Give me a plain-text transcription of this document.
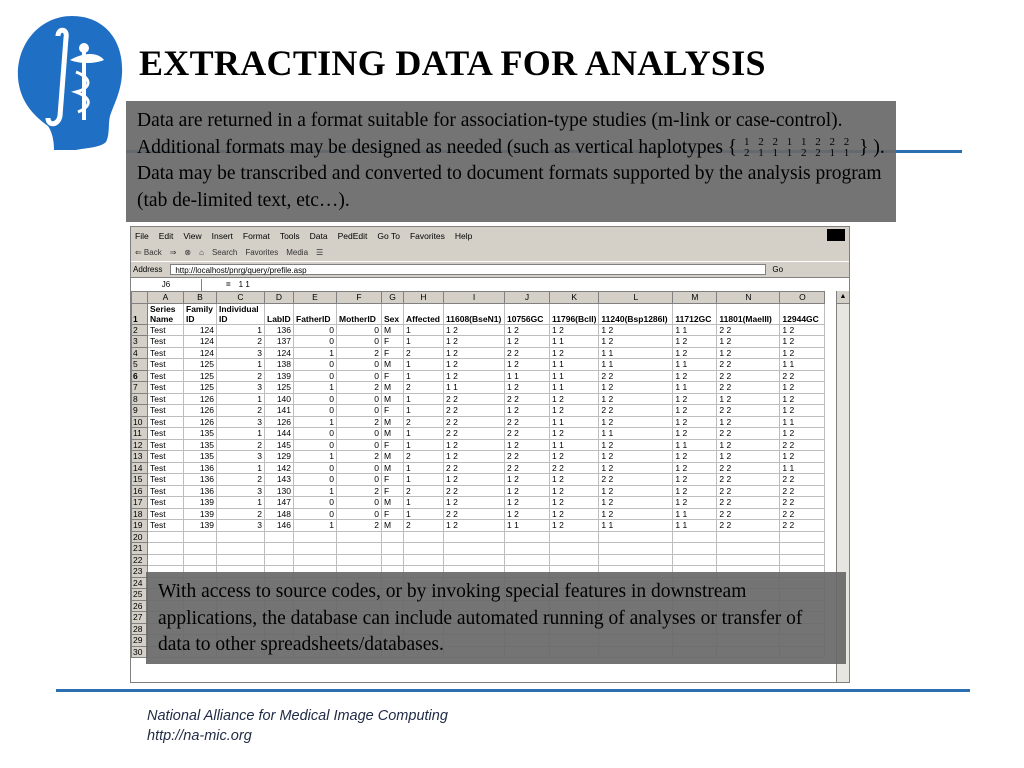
EXTRACTING DATA FOR ANALYSIS
Data are returned in a format suitable for association-type studies (m-link or case-control). Additional formats may be designed as needed (such as vertical haplotypes { 1 2 2 1 1 2 2 2
2 1 1 1 2 2 1 1 } ). Data may be transcribed and converted to document formats supported by the analysis program (tab de-limited text, etc…).
File Edit View Insert Format Tools Data PedEdit Go To Favorites Help
⇐ Back ⇒ ⊗ ⌂ Search Favorites Media ☰
Address	http://localhost/pnrg/query/prefile.asp	Go
J6	= 1 1
	A	B	C	D	E	F	G	H	I	J	K	L	M	N	O
1	Series Name	Family ID	Individual ID	LabID	FatherID	MotherID	Sex	Affected	11608(BseN1)	10756GC	11796(BclI)	11240(Bsp1286I)	11712GC	11801(MaeIII)	12944GC
2	Test	124	1	136	0	0	M	1	1 2	1 2	1 2	1 2	1 1	2 2	1 2
3	Test	124	2	137	0	0	F	1	1 2	1 2	1 1	1 2	1 2	1 2	1 2
4	Test	124	3	124	1	2	F	2	1 2	2 2	1 2	1 1	1 2	1 2	1 2
5	Test	125	1	138	0	0	M	1	1 2	1 2	1 1	1 1	1 1	2 2	1 1
6	Test	125	2	139	0	0	F	1	1 2	1 1	1 1	2 2	1 2	2 2	2 2
7	Test	125	3	125	1	2	M	2	1 1	1 2	1 1	1 2	1 1	2 2	1 2
8	Test	126	1	140	0	0	M	1	2 2	2 2	1 2	1 2	1 2	1 2	1 2
9	Test	126	2	141	0	0	F	1	2 2	1 2	1 2	2 2	1 2	2 2	1 2
10	Test	126	3	126	1	2	M	2	2 2	2 2	1 1	1 2	1 2	1 2	1 1
11	Test	135	1	144	0	0	M	1	2 2	2 2	1 2	1 1	1 2	2 2	1 2
12	Test	135	2	145	0	0	F	1	1 2	1 2	1 1	1 2	1 1	1 2	2 2
13	Test	135	3	129	1	2	M	2	1 2	2 2	1 2	1 2	1 2	1 2	1 2
14	Test	136	1	142	0	0	M	1	2 2	2 2	2 2	1 2	1 2	2 2	1 1
15	Test	136	2	143	0	0	F	1	1 2	1 2	1 2	2 2	1 2	2 2	2 2
16	Test	136	3	130	1	2	F	2	2 2	1 2	1 2	1 2	1 2	2 2	2 2
17	Test	139	1	147	0	0	M	1	1 2	1 2	1 2	1 2	1 2	2 2	2 2
18	Test	139	2	148	0	0	F	1	2 2	1 2	1 2	1 2	1 1	2 2	2 2
19	Test	139	3	146	1	2	M	2	1 2	1 1	1 2	1 1	1 1	2 2	2 2
20															
21															
22															
23															
24															
25															
26															
27															
28															
29															
30															
▲
With access to source codes, or by invoking special features in downstream applications, the database can include automated running of analyses or transfer of data to other spreadsheets/databases.
National Alliance for Medical Image Computing
http://na-mic.org
